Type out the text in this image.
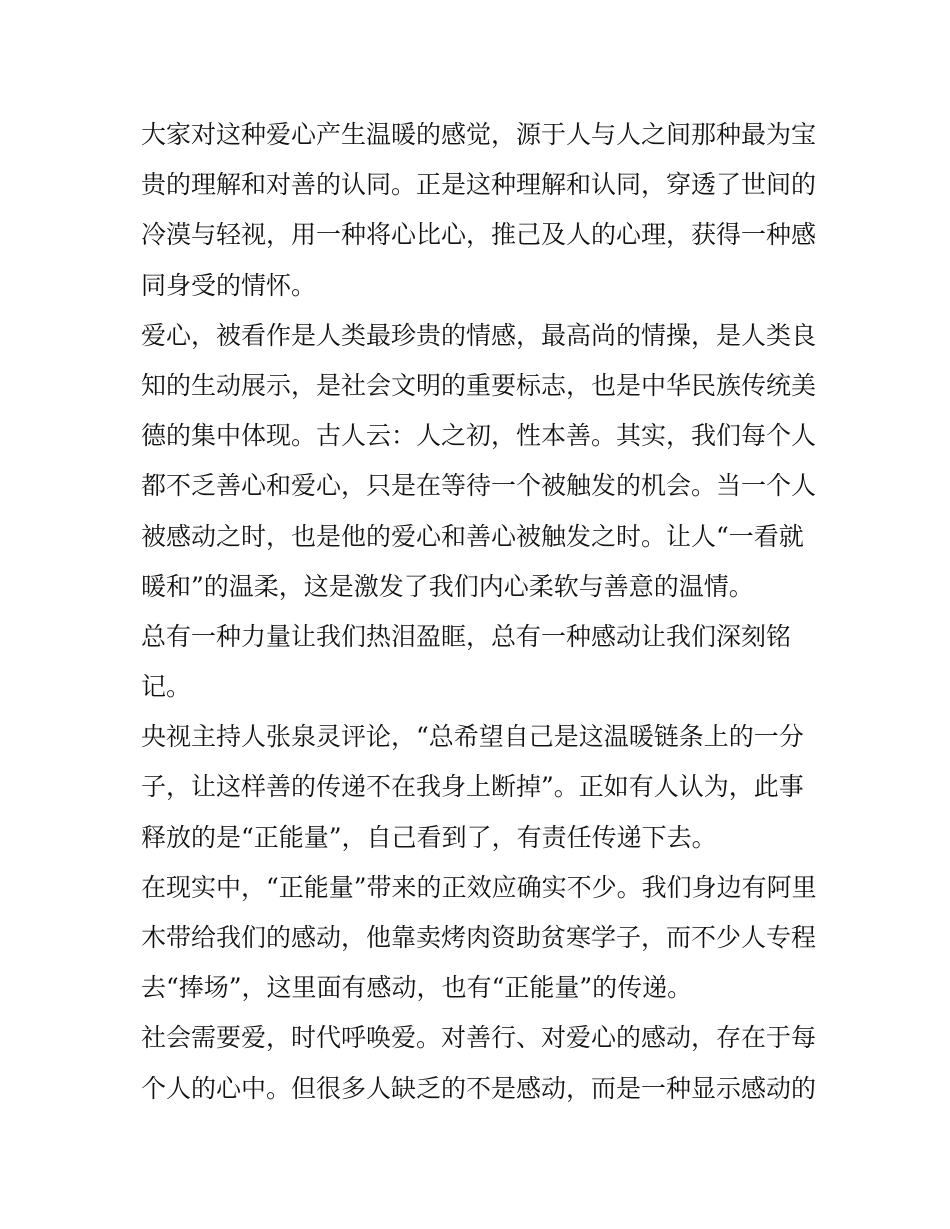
大家对这种爱心产生温暖的感觉，源于人与人之间那种最为宝
贵的理解和对善的认同。正是这种理解和认同，穿透了世间的
冷漠与轻视，用一种将心比心，推己及人的心理，获得一种感
同身受的情怀。
爱心，被看作是人类最珍贵的情感，最高尚的情操，是人类良
知的生动展示，是社会文明的重要标志，也是中华民族传统美
德的集中体现。古人云：人之初，性本善。其实，我们每个人
都不乏善心和爱心，只是在等待一个被触发的机会。当一个人
被感动之时，也是他的爱心和善心被触发之时。让人“一看就
暖和”的温柔，这是激发了我们内心柔软与善意的温情。
总有一种力量让我们热泪盈眶，总有一种感动让我们深刻铭
记。
央视主持人张泉灵评论，“总希望自己是这温暖链条上的一分
子，让这样善的传递不在我身上断掉”。正如有人认为，此事
释放的是“正能量”，自己看到了，有责任传递下去。
在现实中，“正能量”带来的正效应确实不少。我们身边有阿里
木带给我们的感动，他靠卖烤肉资助贫寒学子，而不少人专程
去“捧场”，这里面有感动，也有“正能量”的传递。
社会需要爱，时代呼唤爱。对善行、对爱心的感动，存在于每
个人的心中。但很多人缺乏的不是感动，而是一种显示感动的
